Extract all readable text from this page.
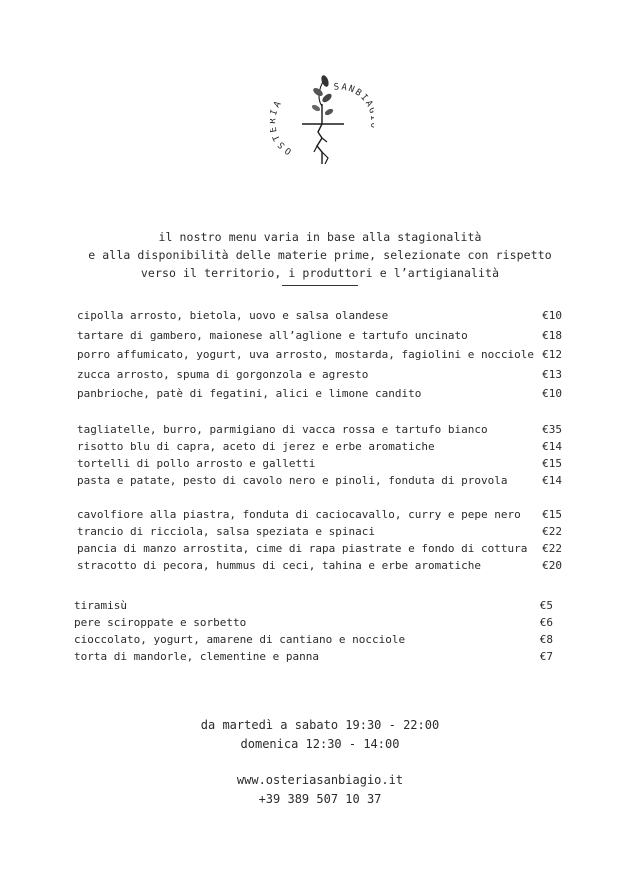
OST IA
SANBIA
il nostro menu varia in base alla stagionalità
e alla disponibilità delle materie prime, selezionate con rispetto
verso il territorio, i produttori e l’artigianalità
cipolla arrosto, bietola, uovo e salsa olandese	€10
tartare di gambero, maionese all’aglione e tartufo uncinato	€18
porro affumicato, yogurt, uva arrosto, mostarda, fagiolini e nocciole €12
zucca arrosto, spuma di gorgonzola e agresto	€13
panbrioche, patè di fegatini, alici e limone candito	€10
tagliatelle, burro, parmigiano di vacca rossa e tartufo bianco	€35
risotto blu di capra, aceto di jerez e erbe aromatiche	€14
tortelli di pollo arrosto e galletti	€15
pasta e patate, pesto di cavolo nero e pinoli, fonduta di provola	€14
cavolfiore alla piastra, fonduta di caciocavallo, curry e pepe nero €15
trancio di ricciola, salsa speziata e spinaci	€22
pancia di manzo arrostita, cime di rapa piastrate e fondo di cottura €22
stracotto di pecora, hummus di ceci, tahina e erbe aromatiche	€20
tiramisù	€5
pere sciroppate e sorbetto	€6
cioccolato, yogurt, amarene di cantiano e nocciole	€8
torta di mandorle, clementine e panna	€7
da martedì a sabato 19:30 - 22:00
domenica 12:30 - 14:00
www.osteriasanbiagio.it
+39 389 507 10 37
